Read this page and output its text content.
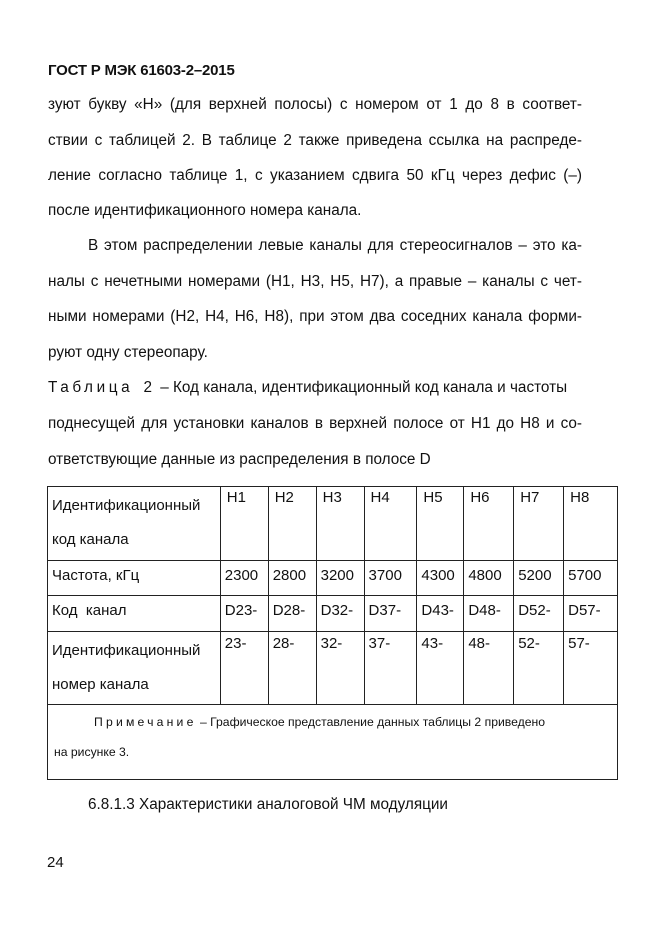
ГОСТ Р МЭК 61603-2–2015
зуют букву «H» (для верхней полосы) с номером от 1 до 8 в соответ-
ствии с таблицей 2. В таблице 2 также приведена ссылка на распреде-
ление согласно таблице 1, с указанием сдвига 50 кГц через дефис (–)
после идентификационного номера канала.
В этом распределении левые каналы для стереосигналов – это ка-
налы с нечетными номерами (H1, H3, H5, H7), а правые – каналы с чет-
ными номерами (H2, H4, H6, H8), при этом два соседних канала форми-
руют одну стереопару.
Таблица 2 – Код канала, идентификационный код канала и частоты
поднесущей для установки каналов в верхней полосе от H1 до H8 и со-
ответствующие данные из распределения в полосе D
Идентификационный
код канала	H1	H2	H3	H4	H5	H6	H7	H8
Частота, кГц	2300	2800	3200	3700	4300	4800	5200	5700
Код  канал	D23-	D28-	D32-	D37-	D43-	D48-	D52-	D57-

Идентификационный
номер канала	23-	28-	32-	37-	43-	48-	52-	57-

Примечание – Графическое представление данных таблицы 2 приведено
на рисунке 3.								
6.8.1.3 Характеристики аналоговой ЧМ модуляции
24
